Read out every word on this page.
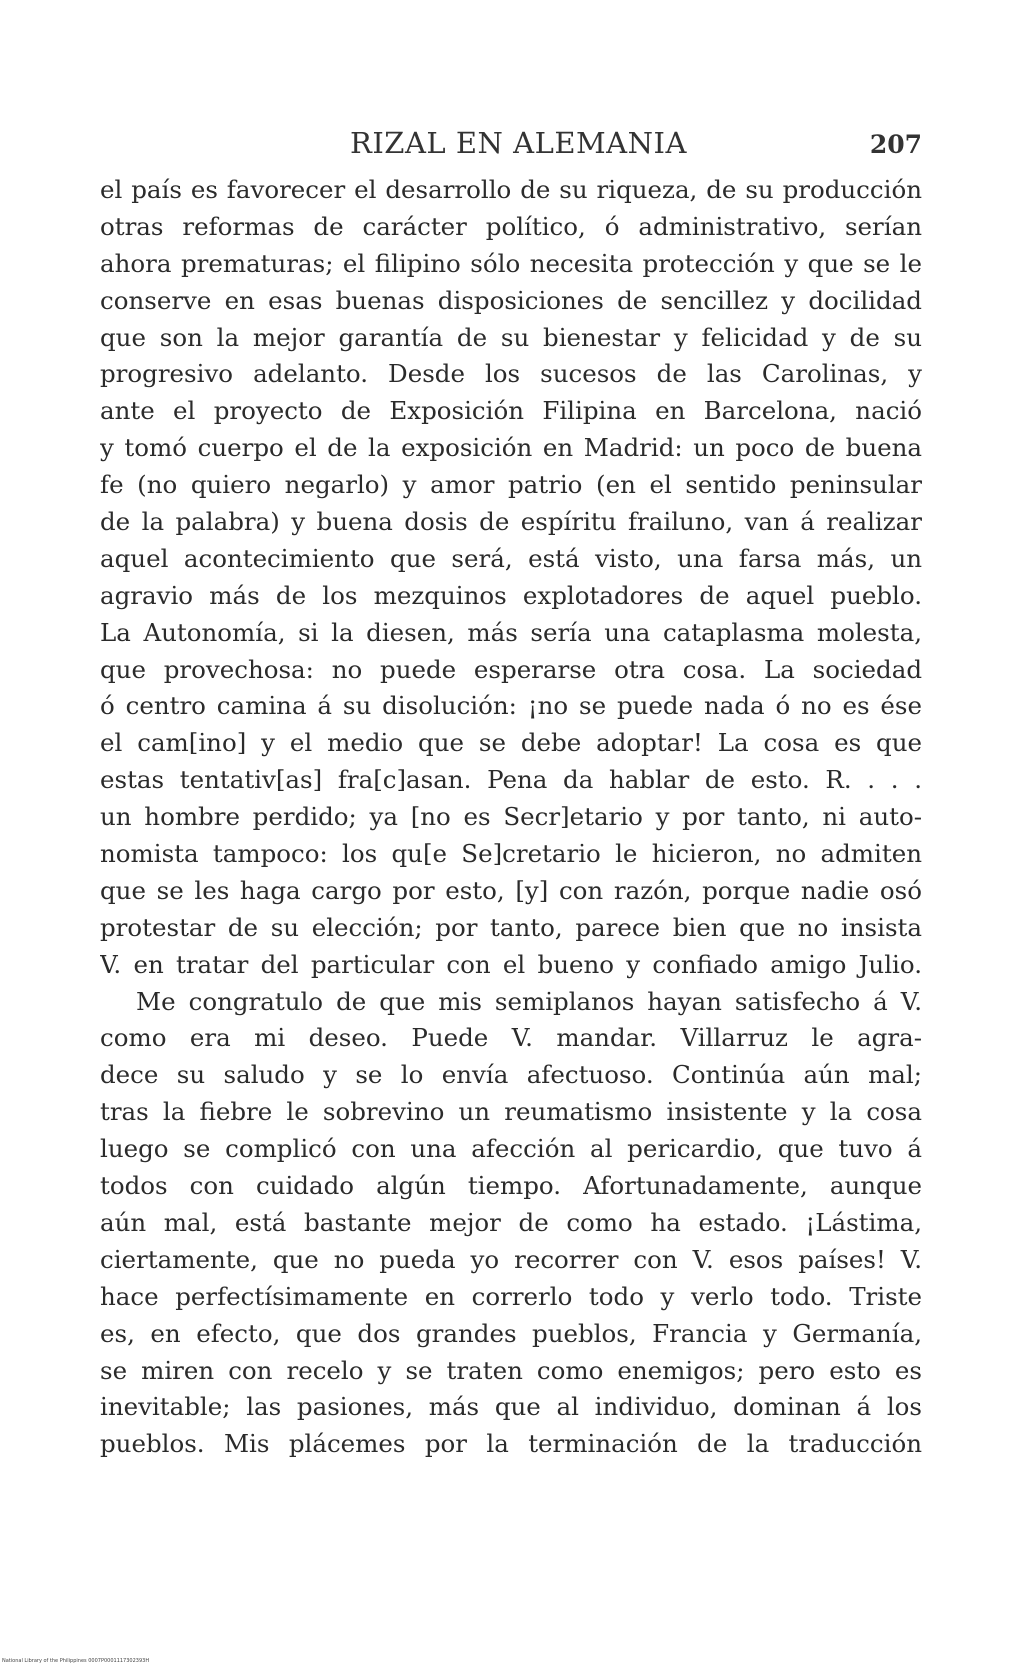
RIZAL EN ALEMANIA	207
el país es favorecer el desarrollo de su riqueza, de su producción
otras reformas de carácter político, ó administrativo, serían
ahora prematuras; el filipino sólo necesita protección y que se le
conserve en esas buenas disposiciones de sencillez y docilidad
que son la mejor garantía de su bienestar y felicidad y de su
progresivo adelanto. Desde los sucesos de las Carolinas, y
ante el proyecto de Exposición Filipina en Barcelona, nació
y tomó cuerpo el de la exposición en Madrid: un poco de buena
fe (no quiero negarlo) y amor patrio (en el sentido peninsular
de la palabra) y buena dosis de espíritu frailuno, van á realizar
aquel acontecimiento que será, está visto, una farsa más, un
agravio más de los mezquinos explotadores de aquel pueblo.
La Autonomía, si la diesen, más sería una cataplasma molesta,
que provechosa: no puede esperarse otra cosa. La sociedad
ó centro camina á su disolución: ¡no se puede nada ó no es ése
el cam[ino] y el medio que se debe adoptar! La cosa es que
estas tentativ[as] fra[c]asan. Pena da hablar de esto. R. . . .
un hombre perdido; ya [no es Secr]etario y por tanto, ni auto-
nomista tampoco: los qu[e Se]cretario le hicieron, no admiten
que se les haga cargo por esto, [y] con razón, porque nadie osó
protestar de su elección; por tanto, parece bien que no insista
V. en tratar del particular con el bueno y confiado amigo Julio.
Me congratulo de que mis semiplanos hayan satisfecho á V.
como era mi deseo. Puede V. mandar. Villarruz le agra-
dece su saludo y se lo envía afectuoso. Continúa aún mal;
tras la fiebre le sobrevino un reumatismo insistente y la cosa
luego se complicó con una afección al pericardio, que tuvo á
todos con cuidado algún tiempo. Afortunadamente, aunque
aún mal, está bastante mejor de como ha estado. ¡Lástima,
ciertamente, que no pueda yo recorrer con V. esos países! V.
hace perfectísimamente en correrlo todo y verlo todo. Triste
es, en efecto, que dos grandes pueblos, Francia y Germanía,
se miren con recelo y se traten como enemigos; pero esto es
inevitable; las pasiones, más que al individuo, dominan á los
pueblos. Mis plácemes por la terminación de la traducción
National Library of the Philippines 0007P0001117302393H
